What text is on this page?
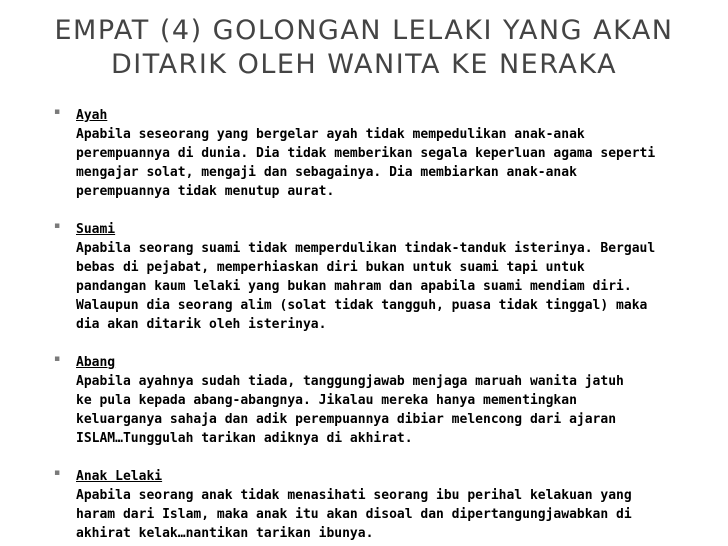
EMPAT (4) GOLONGAN LELAKI YANG AKAN
DITARIK OLEH WANITA KE NERAKA
▪ Ayah
Apabila seseorang yang bergelar ayah tidak mempedulikan anak-anak
perempuannya di dunia. Dia tidak memberikan segala keperluan agama seperti
mengajar solat, mengaji dan sebagainya. Dia membiarkan anak-anak
perempuannya tidak menutup aurat.
▪ Suami
Apabila seorang suami tidak memperdulikan tindak-tanduk isterinya. Bergaul
bebas di pejabat, memperhiaskan diri bukan untuk suami tapi untuk
pandangan kaum lelaki yang bukan mahram dan apabila suami mendiam diri.
Walaupun dia seorang alim (solat tidak tangguh, puasa tidak tinggal) maka
dia akan ditarik oleh isterinya.
▪ Abang
Apabila ayahnya sudah tiada, tanggungjawab menjaga maruah wanita jatuh
ke pula kepada abang-abangnya. Jikalau mereka hanya mementingkan
keluarganya sahaja dan adik perempuannya dibiar melencong dari ajaran
ISLAM…Tunggulah tarikan adiknya di akhirat.
▪ Anak Lelaki
Apabila seorang anak tidak menasihati seorang ibu perihal kelakuan yang
haram dari Islam, maka anak itu akan disoal dan dipertangungjawabkan di
akhirat kelak…nantikan tarikan ibunya.
